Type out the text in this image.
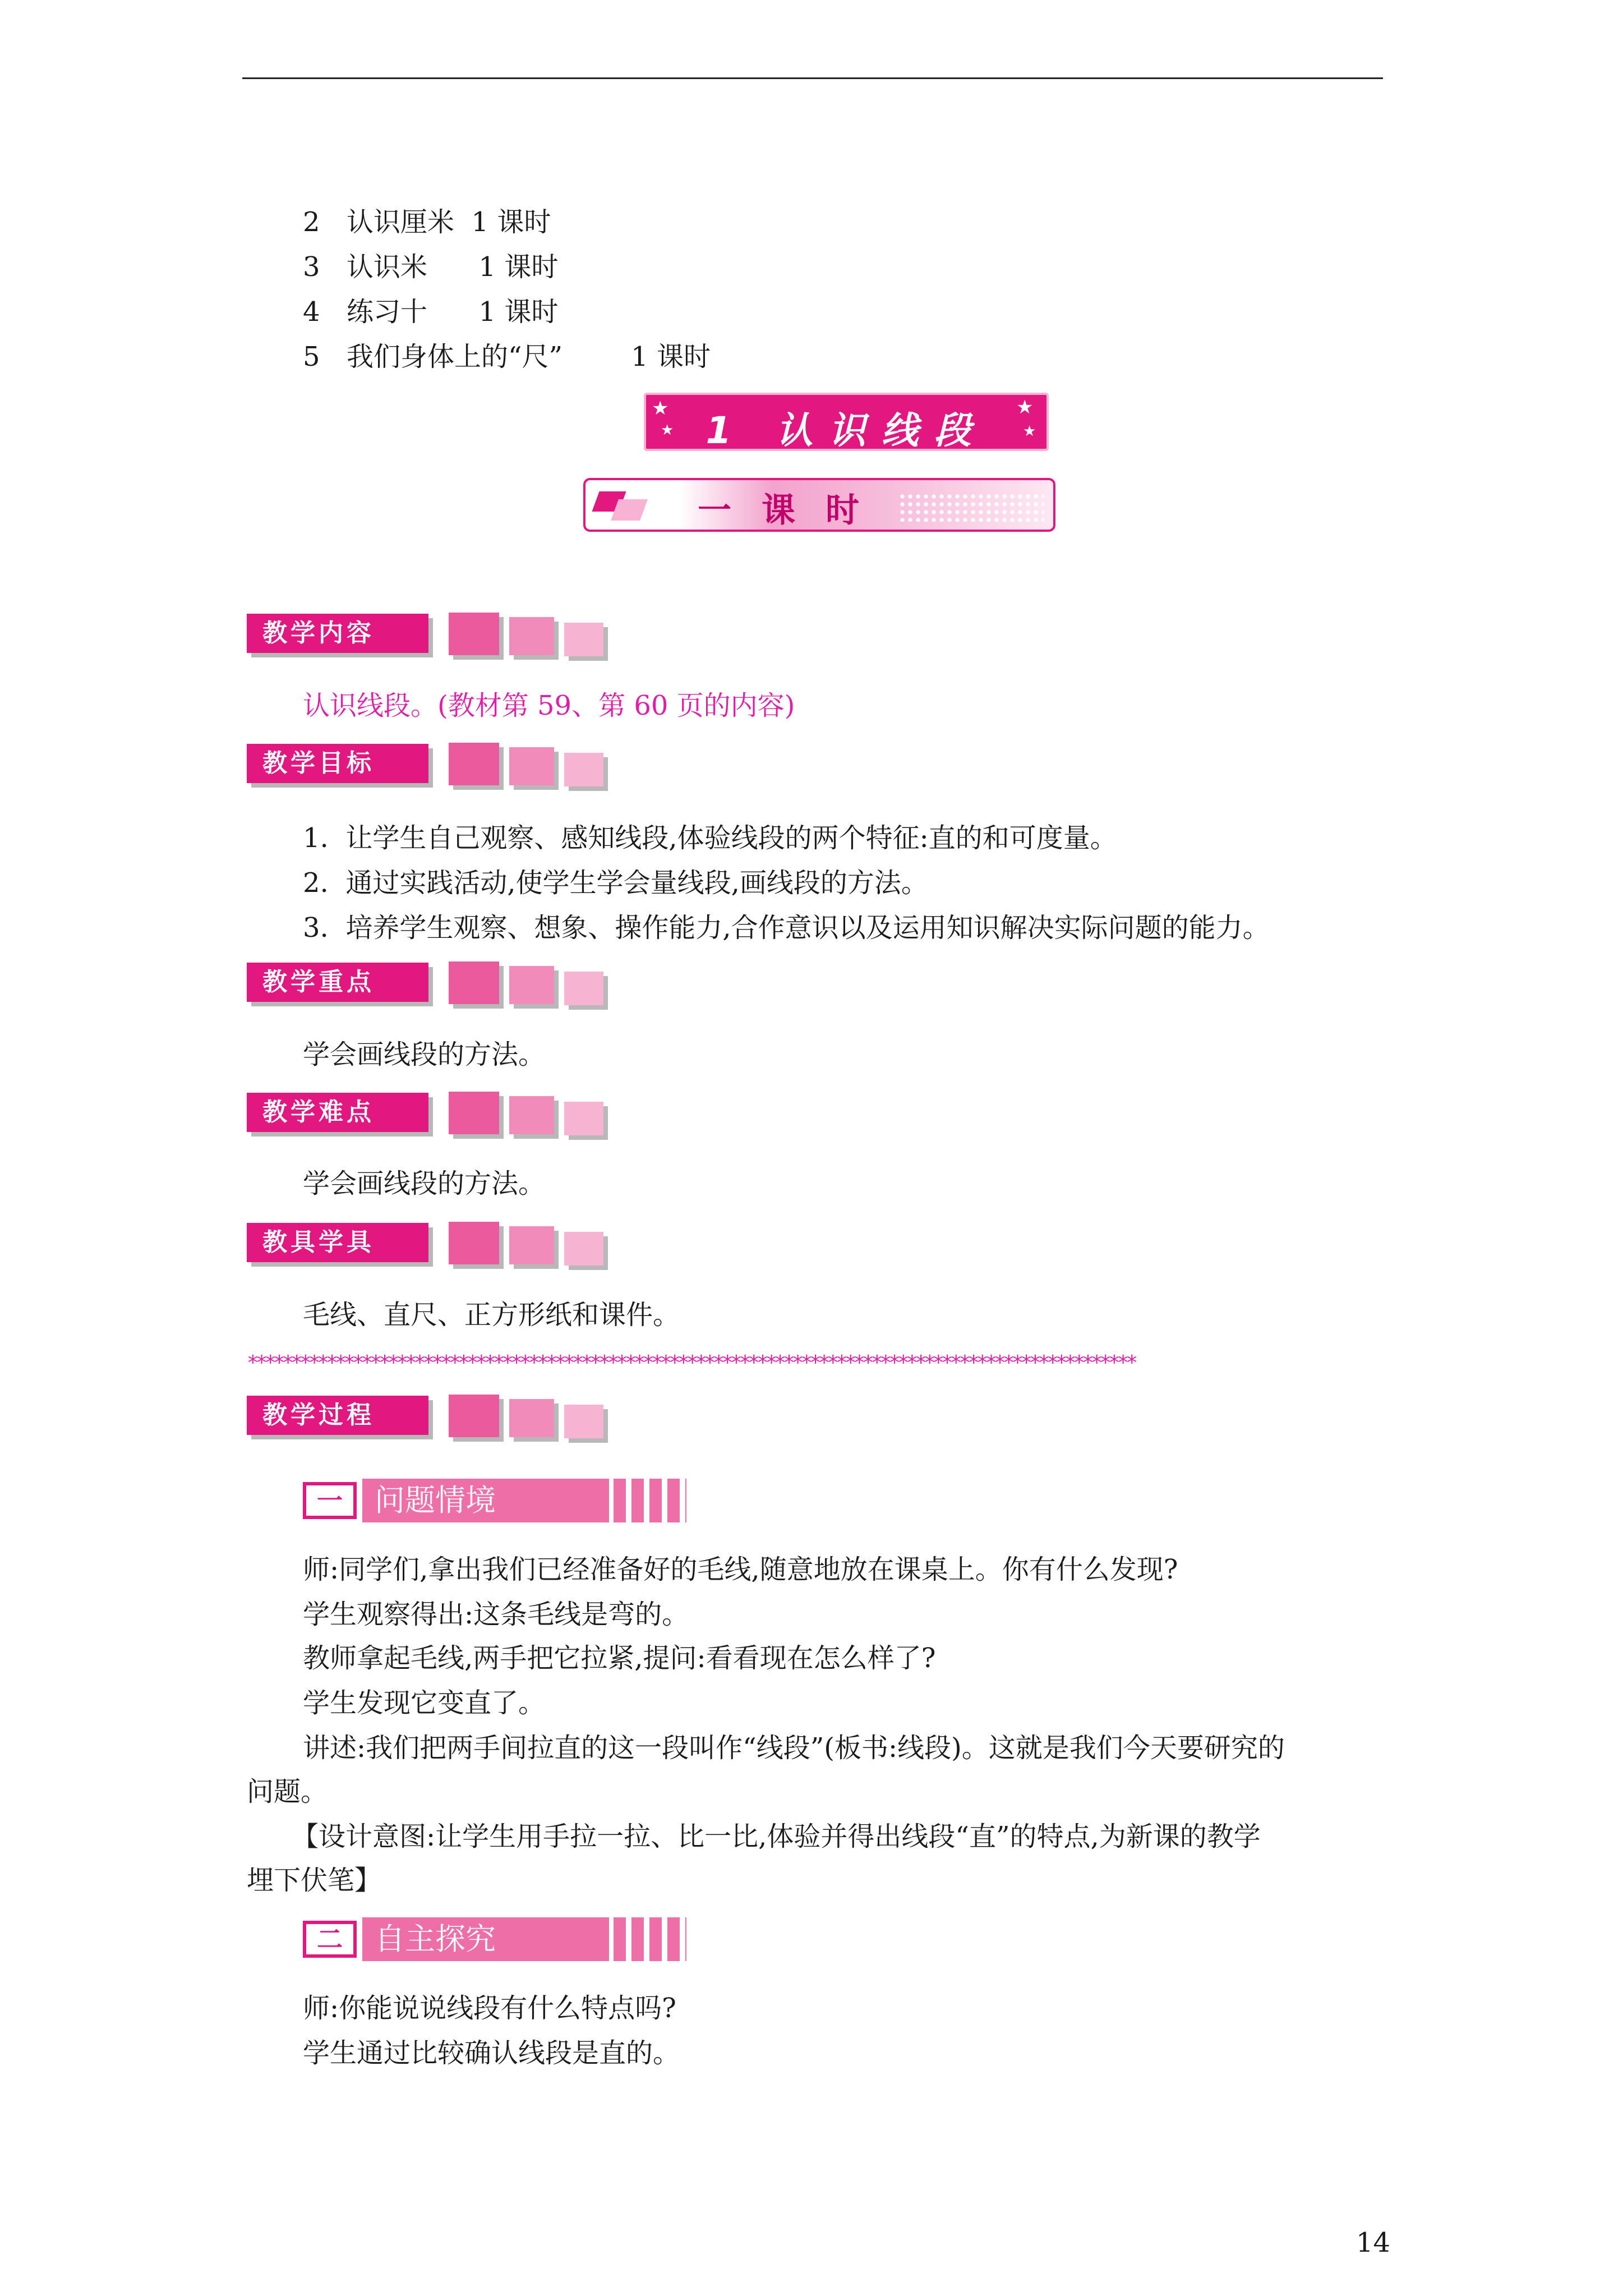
2 认识厘米  1 课时
3 认识米      1 课时
4 练习十      1 课时
5 我们身体上的“尺”        1 课时
★
★
★
★
1 认识线段
一课时
教学内容
认识线段。(教材第 59、第 60 页的内容)
教学目标
1.  让学生自己观察、感知线段,体验线段的两个特征:直的和可度量。
2.  通过实践活动,使学生学会量线段,画线段的方法。
3.  培养学生观察、想象、操作能力,合作意识以及运用知识解决实际问题的能力。
教学重点
学会画线段的方法。
教学难点
学会画线段的方法。
教具学具
毛线、直尺、正方形纸和课件。
*****************************************************************************************************
教学过程
一	问题情境
师:同学们,拿出我们已经准备好的毛线,随意地放在课桌上。你有什么发现?
学生观察得出:这条毛线是弯的。
教师拿起毛线,两手把它拉紧,提问:看看现在怎么样了?
学生发现它变直了。
讲述:我们把两手间拉直的这一段叫作“线段”(板书:线段)。这就是我们今天要研究的
问题。
【设计意图:让学生用手拉一拉、比一比,体验并得出线段“直”的特点,为新课的教学
埋下伏笔】
二	自主探究
师:你能说说线段有什么特点吗?
学生通过比较确认线段是直的。
14
